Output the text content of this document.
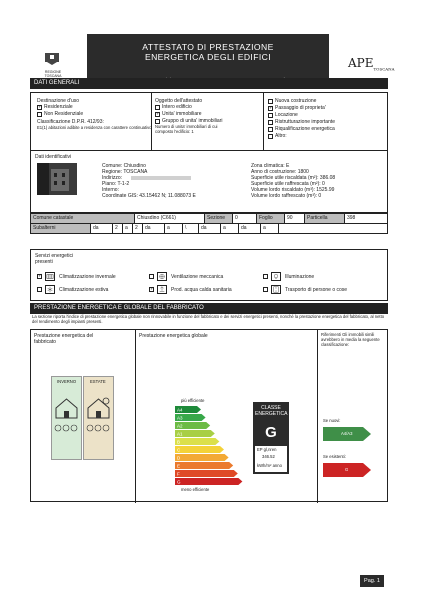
REGIONE TOSCANA
ATTESTATO DI PRESTAZIONE
ENERGETICA DEGLI EDIFICI	$APE_{TOSCANA}$
DATI GENERALI
Destinazione d'uso
✓
Residenziale
Non Residenziale
Classificazione D.P.R. 412/93:
E1(1) abitazioni adibite a residenza con carattere continuativo
Oggetto dell'attestato
Intero edificio
✓
Unita' immobiliare
Gruppo di unita' immobiliari
Numero di unita' immobiliari di cui composto l'edificio: 1
Nuova costruzione
✓
Passaggio di proprieta'
Locazione
Ristrutturazione importante
Riqualificazione energetica
Altro:
Dati identificativi
Comune: Chiusdino
Regione: TOSCANA
Indirizzo:
Piano: T-1-2
Interno:
Coordinate GIS: 43.15462 N; 11.088073 E
Zona climatica: E
Anno di costruzione: 1800
Superficie utile riscaldata (m²): 386.08
Superficie utile raffrescata (m²): 0
Volume lordo riscaldato (m³): 1525.99
Volume lordo raffrescato (m³): 0
Comune catastale	Chiusdino (C661)	Sezione	0	Foglio	90	Particella	398
Subalterni	da	2	a	2	da	a	\	da	a	da	a	
Servizi energetici presenti
✓
Climatizzazione invernale
Climatizzazione estiva
Ventilazione meccanica
✓
Prod. acqua calda sanitaria
Illuminazione
Trasporto di persone o cose
PRESTAZIONE ENERGETICA E GLOBALE DEL FABBRICATO
La sezione riporta l'indice di prestazione energetica globale non rinnovabile in funzione del fabbricato e dei servizi energetici presenti, nonché la prestazione energetica del fabbricato, al netto del rendimento degli impianti presenti.
Prestazione energetica del fabbricato
INVERNO	ESTATE
Prestazione energetica globale
più efficiente
A4
A3
A2
A1
B
C
D
E
F
G
meno efficiente
CLASSE ENERGETICA
G
EP gl,nren
346.52
kWh/m² anno
Riferimenti Gli immobili simili avrebbero in media la seguente classificazione:
Se nuovi:
A4/A3
Se esistenti:
G
Pag. 1
